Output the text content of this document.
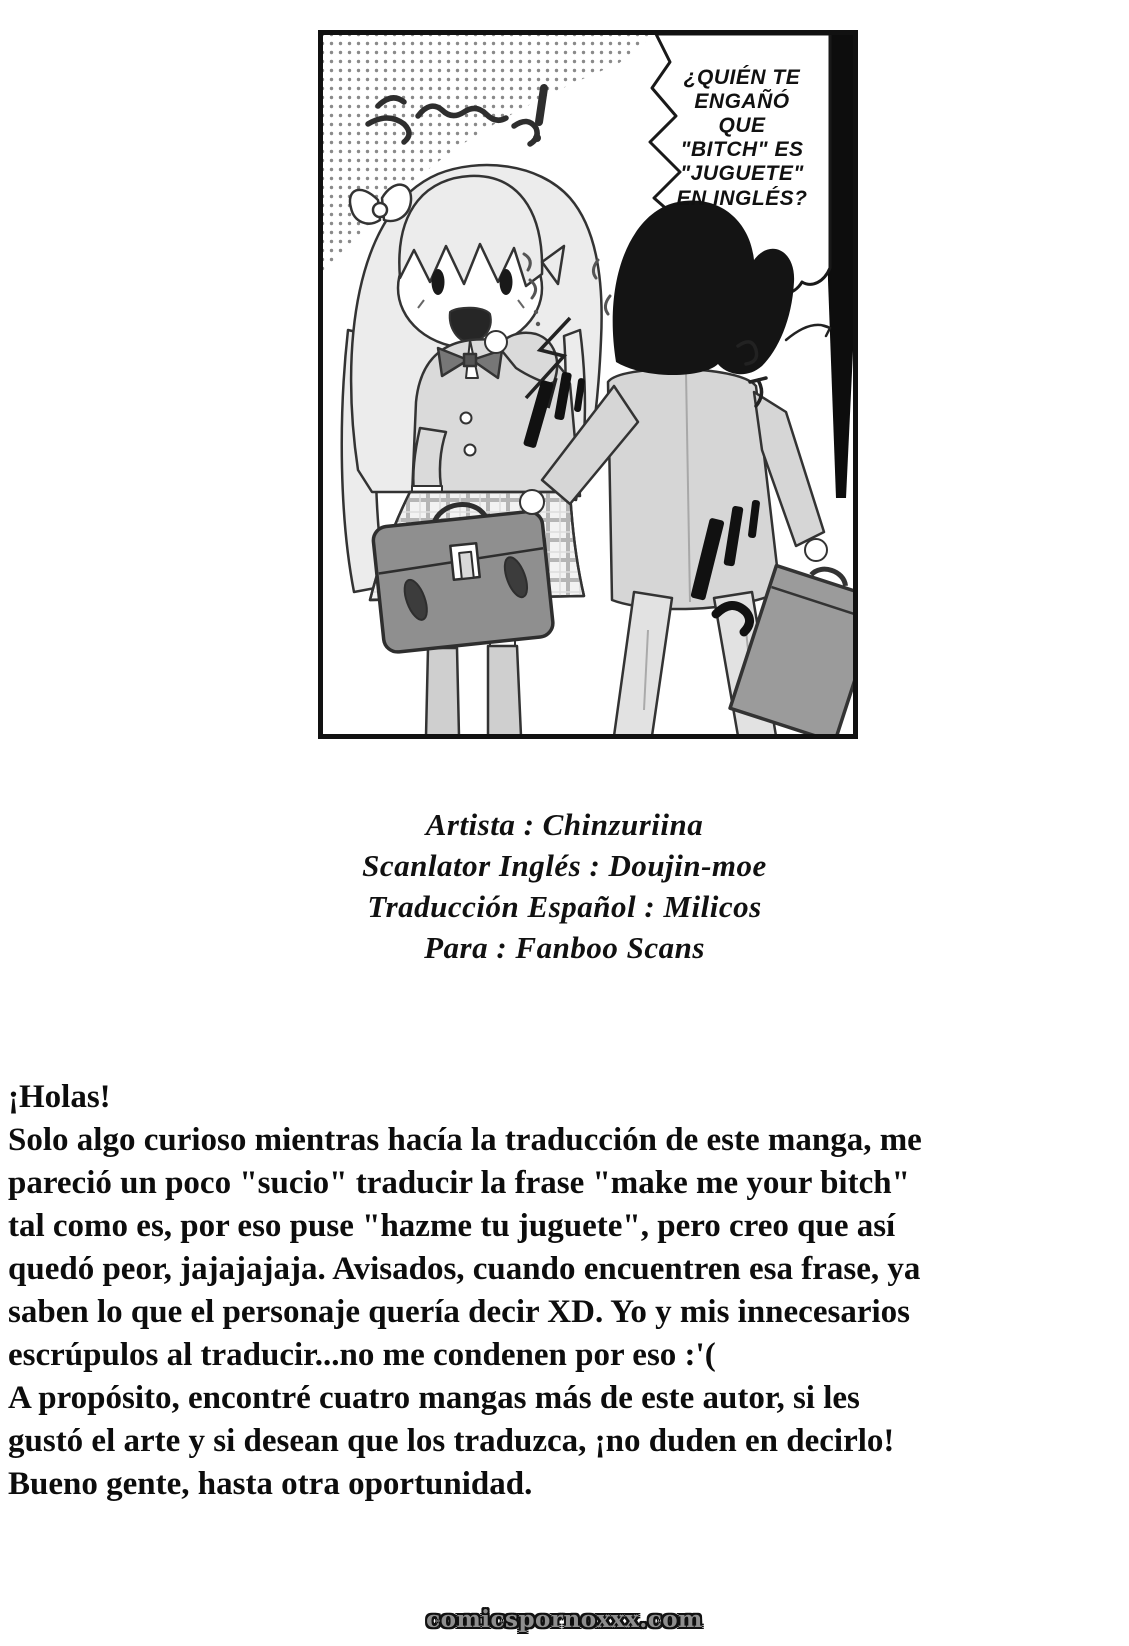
¿QUIÉN TE
ENGAÑÓ
QUE
"BITCH" ES
"JUGUETE"
EN INGLÉS?
Artista : Chinzuriina
Scanlator Inglés : Doujin-moe
Traducción Español : Milicos
Para : Fanboo Scans
¡Holas!
Solo algo curioso mientras hacía la traducción de este manga, me
pareció un poco "sucio" traducir la frase "make me your bitch"
tal como es, por eso puse "hazme tu juguete", pero creo que así
quedó peor, jajajajaja. Avisados, cuando encuentren esa frase, ya
saben lo que el personaje quería decir XD. Yo y mis innecesarios
escrúpulos al traducir...no me condenen por eso :'(
A propósito, encontré cuatro mangas más de este autor, si les
gustó el arte y si desean que los traduzca, ¡no duden en decirlo!
Bueno gente, hasta otra oportunidad.
comicspornoxxx.com
